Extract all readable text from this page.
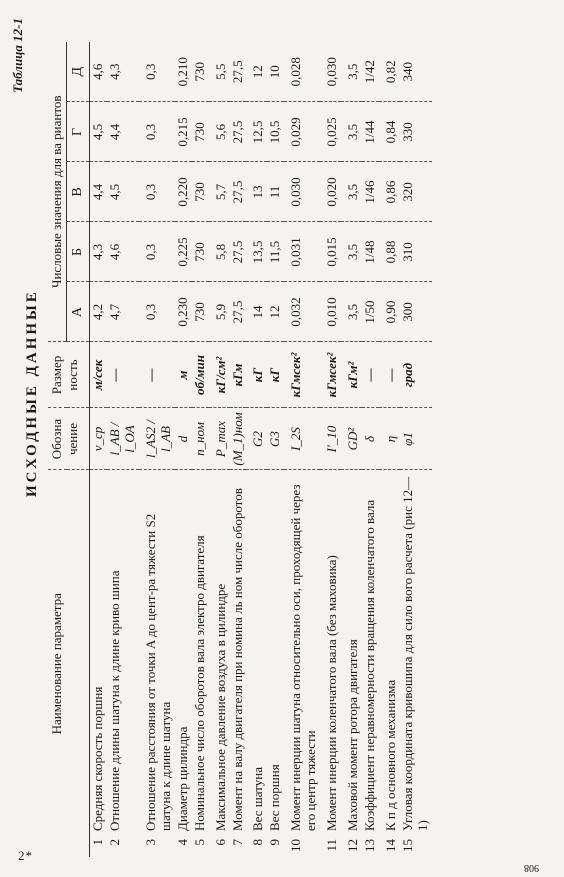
Таблица 12-1
ИСХОДНЫЕ ДАННЫЕ
Наименование параметра		Обозна чение	Размер ность	Числовые значения для ва риантов				
				А	Б	В	Г	Д
1	Средняя скорость поршня	v_ср	м/сек	4,2	4,3	4,4	4,5	4,6
2	Отношение длины шатуна к длине криво шипа	l_AB / l_OA	—	4,7	4,6	4,5	4,4	4,3
3	Отношение расстояния от точки A до цент-ра тяжести S2 шатуна к длине шатуна	l_AS2 / l_AB	—	0,3	0,3	0,3	0,3	0,3
4	Диаметр цилиндра	d	м	0,230	0,225	0,220	0,215	0,210
5	Номинальное число оборотов вала электро двигателя	n_ном	об/мин	730	730	730	730	730
6	Максимальное давление воздуха в цилиндре	P_max	кГ/см²	5,9	5,8	5,7	5,6	5,5
7	Момент на валу двигателя при номина ль ном числе оборотов	(M_1)ном	кГм	27,5	27,5	27,5	27,5	27,5
8	Вес шатуна	G2	кГ	14	13,5	13	12,5	12
9	Вес поршня	G3	кГ	12	11,5	11	10,5	10
10	Момент инерции шатуна относительно оси, проходящей через его центр тяжести	I_2S	кГмсек²	0,032	0,031	0,030	0,029	0,028
11	Момент инерции коленчатого вала (без маховика)	I'_10	кГмсек²	0,010	0,015	0,020	0,025	0,030
12	Маховой момент ротора двигателя	GD²	кГм²	3,5	3,5	3,5	3,5	3,5
13	Коэффициент неравномерности вращения коленчатого вала	δ	—	1/50	1/48	1/46	1/44	1/42
14	К п д основного механизма	η	—	0,90	0,88	0,86	0,84	0,82
15	Угловая координата кривошипа для сило вого расчета (рис 12—1)	φ1	град	300	310	320	330	340
2*
908
